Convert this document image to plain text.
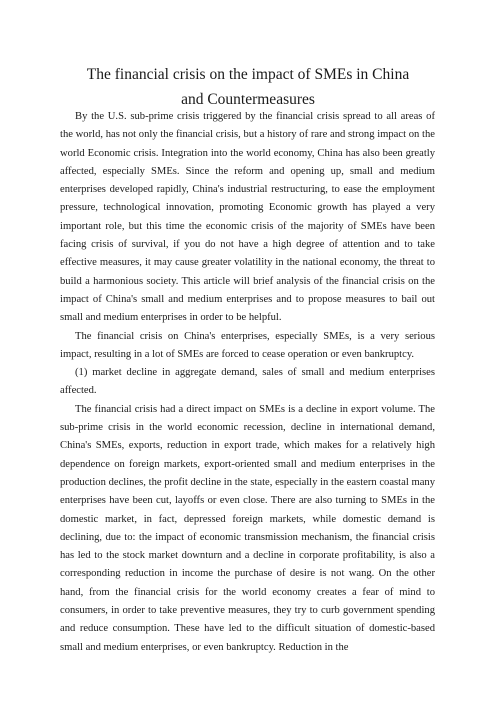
The financial crisis on the impact of SMEs in China
and Countermeasures

By the U.S. sub-prime crisis triggered by the financial crisis spread to all areas of the world, has not only the financial crisis, but a history of rare and strong impact on the world Economic crisis. Integration into the world economy, China has also been greatly affected, especially SMEs. Since the reform and opening up, small and medium enterprises developed rapidly, China's industrial restructuring, to ease the employment pressure, technological innovation, promoting Economic growth has played a very important role, but this time the economic crisis of the majority of SMEs have been facing crisis of survival, if you do not have a high degree of attention and to take effective measures, it may cause greater volatility in the national economy, the threat to build a harmonious society. This article will brief analysis of the financial crisis on the impact of China's small and medium enterprises and to propose measures to bail out small and medium enterprises in order to be helpful.

The financial crisis on China's enterprises, especially SMEs, is a very serious impact, resulting in a lot of SMEs are forced to cease operation or even bankruptcy.

(1) market decline in aggregate demand, sales of small and medium enterprises affected.

The financial crisis had a direct impact on SMEs is a decline in export volume. The sub-prime crisis in the world economic recession, decline in international demand, China's SMEs, exports, reduction in export trade, which makes for a relatively high dependence on foreign markets, export-oriented small and medium enterprises in the production declines, the profit decline in the state, especially in the eastern coastal many enterprises have been cut, layoffs or even close. There are also turning to SMEs in the domestic market, in fact, depressed foreign markets, while domestic demand is declining, due to: the impact of economic transmission mechanism, the financial crisis has led to the stock market downturn and a decline in corporate profitability, is also a corresponding reduction in income the purchase of desire is not wang. On the other hand, from the financial crisis for the world economy creates a fear of mind to consumers, in order to take preventive measures, they try to curb government spending and reduce consumption. These have led to the difficult situation of domestic-based small and medium enterprises, or even bankruptcy. Reduction in the
